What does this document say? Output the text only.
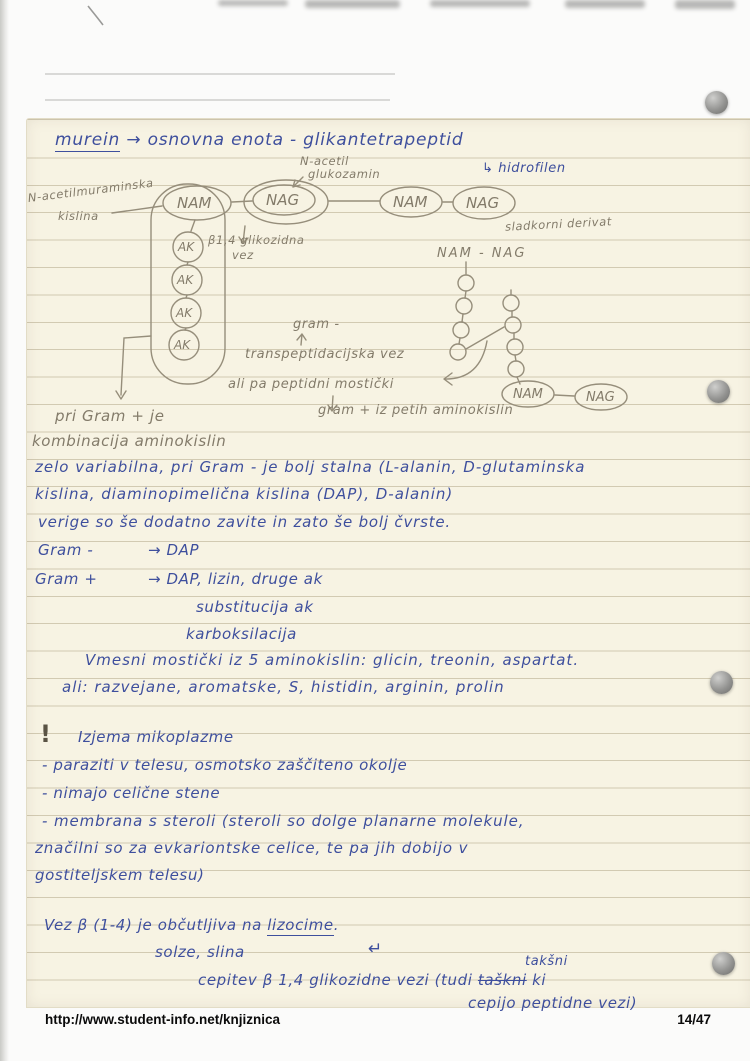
murein → osnovna enota - glikantetrapeptid
N-acetil
glukozamin	↳ hidrofilen
N-acetilmuraminska
kislina	sladkorni derivat
NAM	NAG	NAM	NAG
AK
AK
AK
AK
NAM	NAG
β1,4 glikozidna
vez	NAM - NAG
gram -
transpeptidacijska vez
ali pa peptidni mostički
gram + iz petih aminokislin
pri Gram + je
kombinacija aminokislin
zelo variabilna, pri Gram - je bolj stalna (L-alanin, D-glutaminska
kislina, diaminopimelična kislina (DAP), D-alanin)
verige so še dodatno zavite in zato še bolj čvrste.
Gram -	→ DAP
Gram +	→ DAP, lizin, druge ak
substitucija ak
karboksilacija
Vmesni mostički iz 5 aminokislin: glicin, treonin, aspartat.
ali: razvejane, aromatske, S, histidin, arginin, prolin
! Izjema mikoplazme
- paraziti v telesu, osmotsko zaščiteno okolje
- nimajo celične stene
- membrana s steroli (steroli so dolge planarne molekule,
značilni so za evkariontske celice, te pa jih dobijo v
gostiteljskem telesu)
Vez β (1-4) je občutljiva na lizocime.
solze, slina	↵
takšni
cepitev β 1,4 glikozidne vezi (tudi taškni ki
cepijo peptidne vezi)
http://www.student-info.net/knjiznica	14/47
